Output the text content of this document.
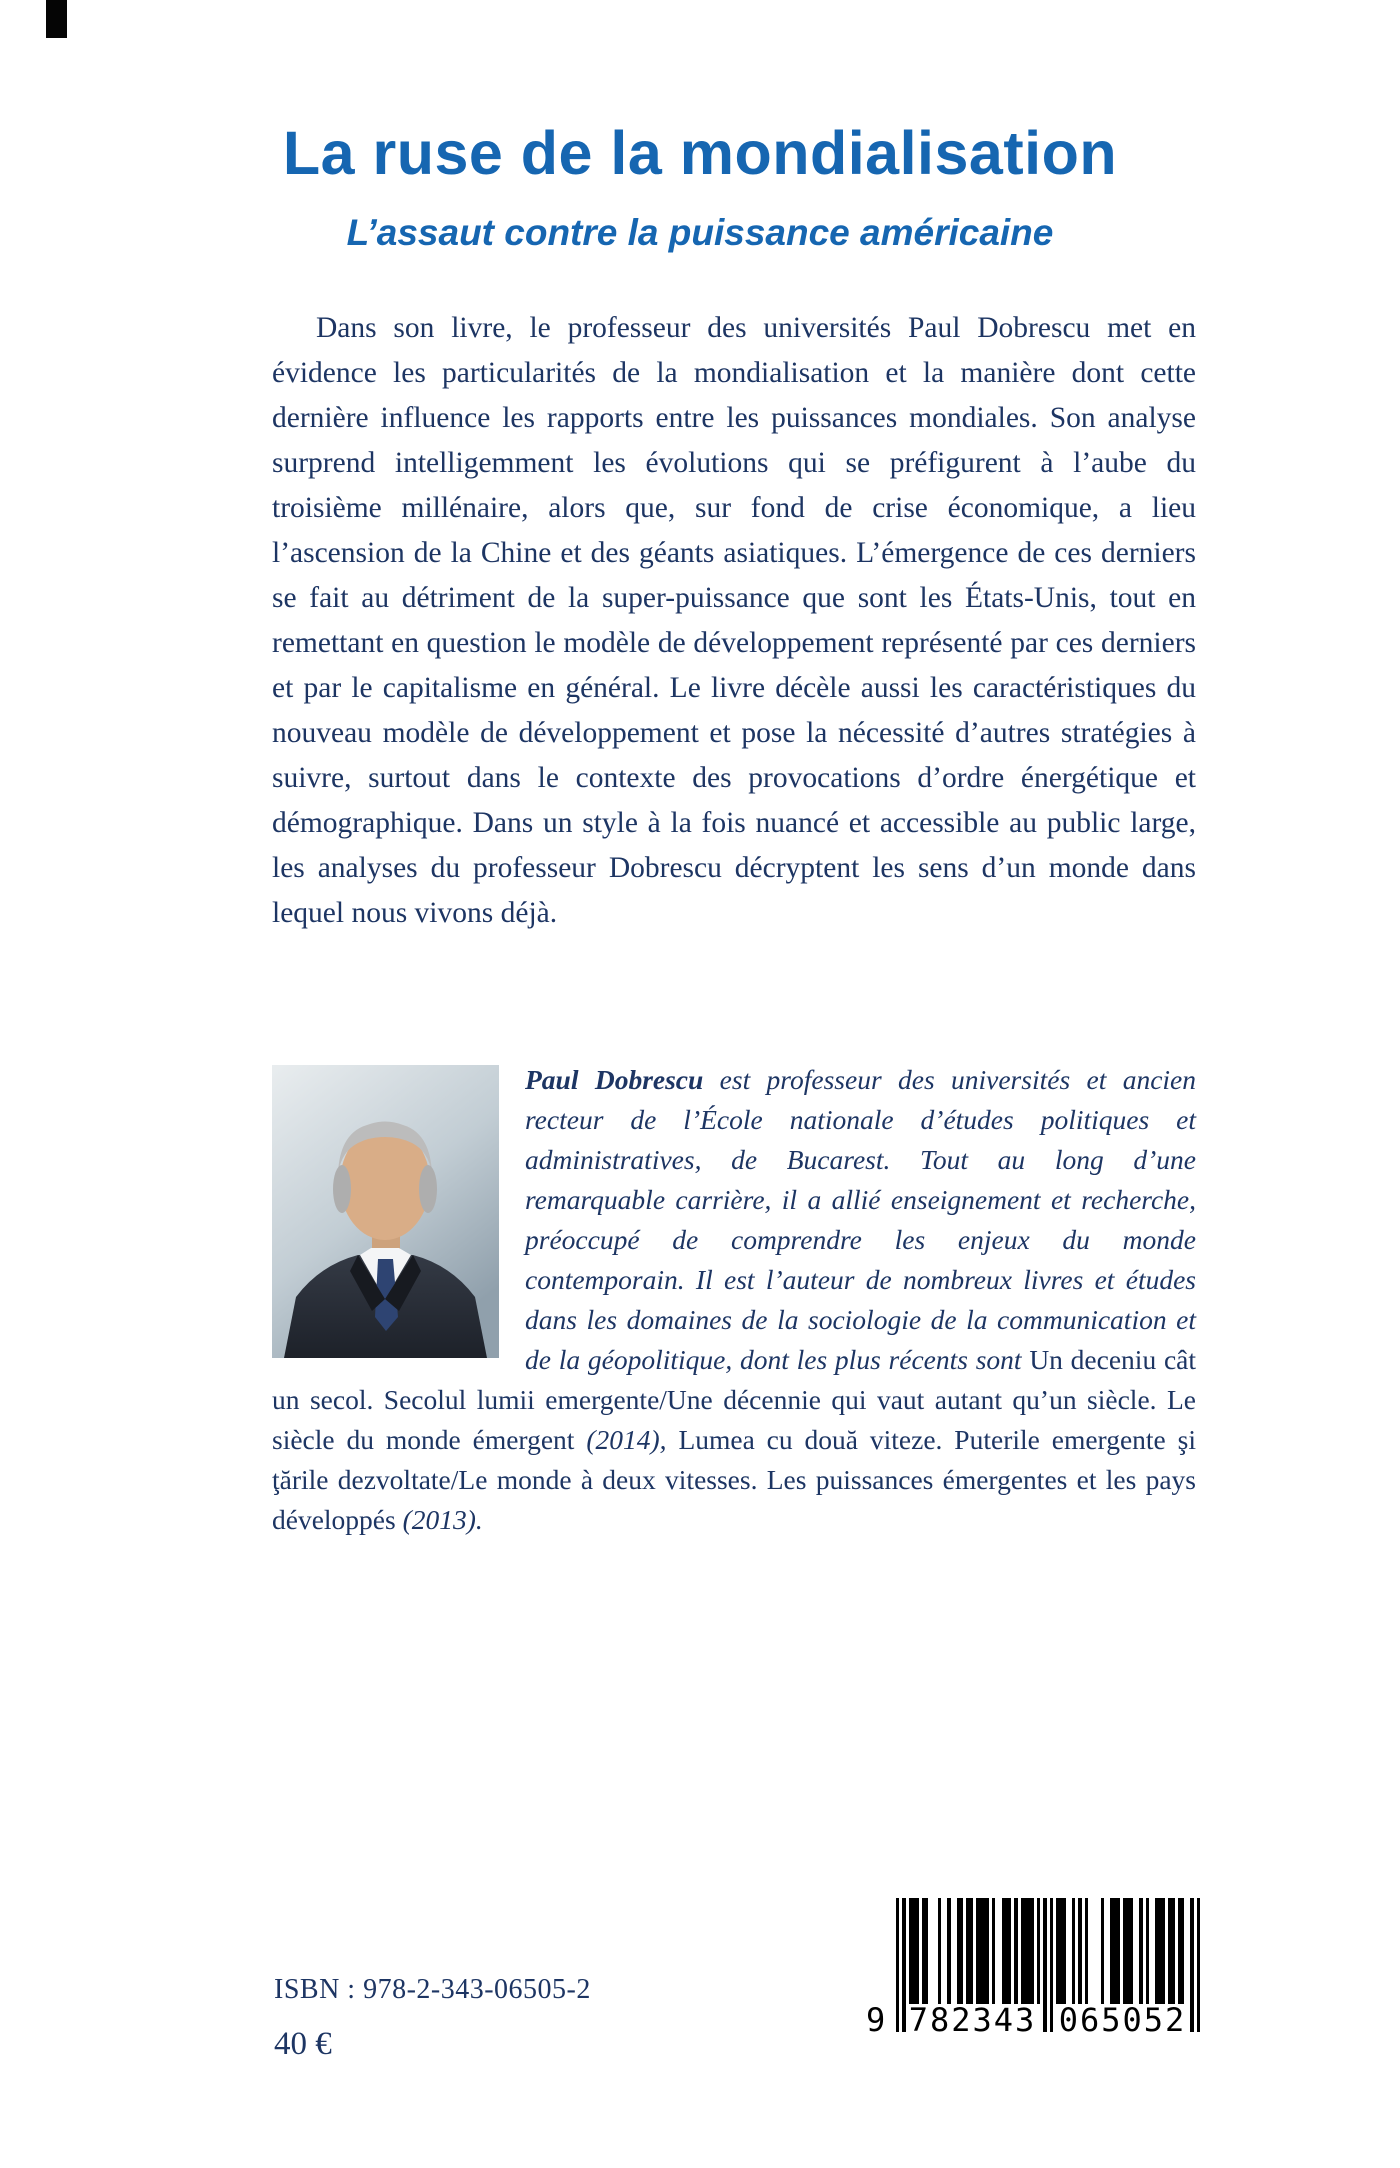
La ruse de la mondialisation
L’assaut contre la puissance américaine

Dans son livre, le professeur des universités Paul Dobrescu met en évidence les particularités de la mondialisation et la manière dont cette dernière influence les rapports entre les puissances mondiales. Son analyse surprend intelligemment les évolutions qui se préfigurent à l’aube du troisième millénaire, alors que, sur fond de crise économique, a lieu l’ascension de la Chine et des géants asiatiques. L’émergence de ces derniers se fait au détriment de la super-puissance que sont les États-Unis, tout en remettant en question le modèle de développement représenté par ces derniers et par le capitalisme en général. Le livre décèle aussi les caractéristiques du nouveau modèle de développement et pose la nécessité d’autres stratégies à suivre, surtout dans le contexte des provocations d’ordre énergétique et démographique. Dans un style à la fois nuancé et accessible au public large, les analyses du professeur Dobrescu décryptent les sens d’un monde dans lequel nous vivons déjà.

Paul Dobrescu est professeur des universités et ancien recteur de l’École nationale d’études politiques et administratives, de Bucarest. Tout au long d’une remarquable carrière, il a allié enseignement et recherche, préoccupé de comprendre les enjeux du monde contemporain. Il est l’auteur de nombreux livres et études dans les domaines de la sociologie de la communication et de la géopolitique, dont les plus récents sont Un deceniu cât un secol. Secolul lumii emergente/Une décennie qui vaut autant qu’un siècle. Le siècle du monde émergent (2014), Lumea cu două viteze. Puterile emergente şi ţările dezvoltate/Le monde à deux vitesses. Les puissances émergentes et les pays développés (2013).
ISBN : 978-2-343-06505-2
40 €
9 782343 065052
